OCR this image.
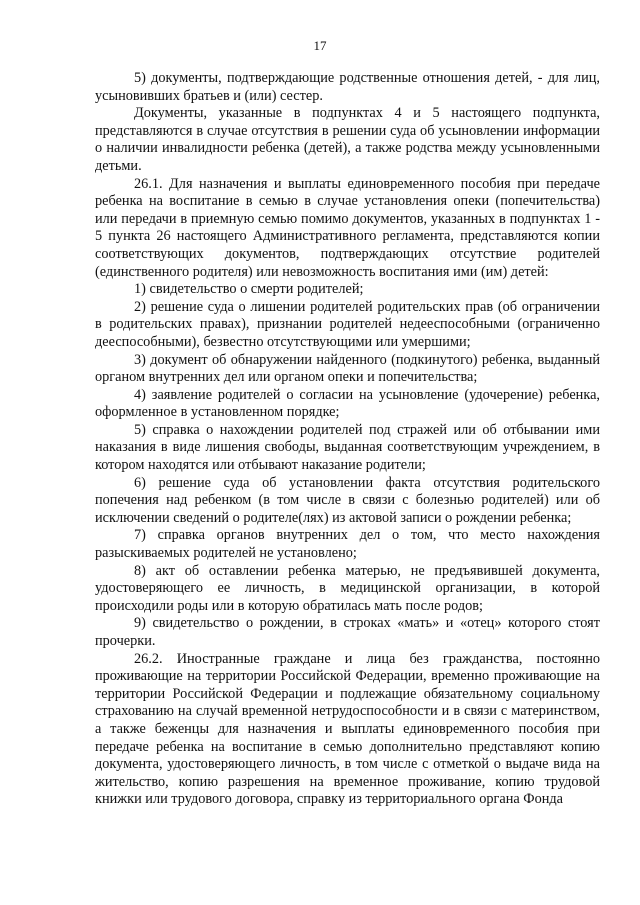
17

5) документы, подтверждающие родственные отношения детей, - для лиц, усыновивших братьев и (или) сестер.

Документы, указанные в подпунктах 4 и 5 настоящего подпункта, представляются в случае отсутствия в решении суда об усыновлении информации о наличии инвалидности ребенка (детей), а также родства между усыновленными детьми.

26.1. Для назначения и выплаты единовременного пособия при передаче ребенка на воспитание в семью в случае установления опеки (попечительства) или передачи в приемную семью помимо документов, указанных в подпунктах 1 - 5 пункта 26 настоящего Административного регламента, представляются копии соответствующих документов, подтверждающих отсутствие родителей (единственного родителя) или невозможность воспитания ими (им) детей:

1) свидетельство о смерти родителей;

2) решение суда о лишении родителей родительских прав (об ограничении в родительских правах), признании родителей недееспособными (ограниченно дееспособными), безвестно отсутствующими или умершими;

3) документ об обнаружении найденного (подкинутого) ребенка, выданный органом внутренних дел или органом опеки и попечительства;

4) заявление родителей о согласии на усыновление (удочерение) ребенка, оформленное в установленном порядке;

5) справка о нахождении родителей под стражей или об отбывании ими наказания в виде лишения свободы, выданная соответствующим учреждением, в котором находятся или отбывают наказание родители;

6) решение суда об установлении факта отсутствия родительского попечения над ребенком (в том числе в связи с болезнью родителей) или об исключении сведений о родителе(лях) из актовой записи о рождении ребенка;

7) справка органов внутренних дел о том, что место нахождения разыскиваемых родителей не установлено;

8) акт об оставлении ребенка матерью, не предъявившей документа, удостоверяющего ее личность, в медицинской организации, в которой происходили роды или в которую обратилась мать после родов;

9) свидетельство о рождении, в строках «мать» и «отец» которого стоят прочерки.

26.2. Иностранные граждане и лица без гражданства, постоянно проживающие на территории Российской Федерации, временно проживающие на территории Российской Федерации и подлежащие обязательному социальному страхованию на случай временной нетрудоспособности и в связи с материнством, а также беженцы для назначения и выплаты единовременного пособия при передаче ребенка на воспитание в семью дополнительно представляют копию документа, удостоверяющего личность, в том числе с отметкой о выдаче вида на жительство, копию разрешения на временное проживание, копию трудовой книжки или трудового договора, справку из территориального органа Фонда
